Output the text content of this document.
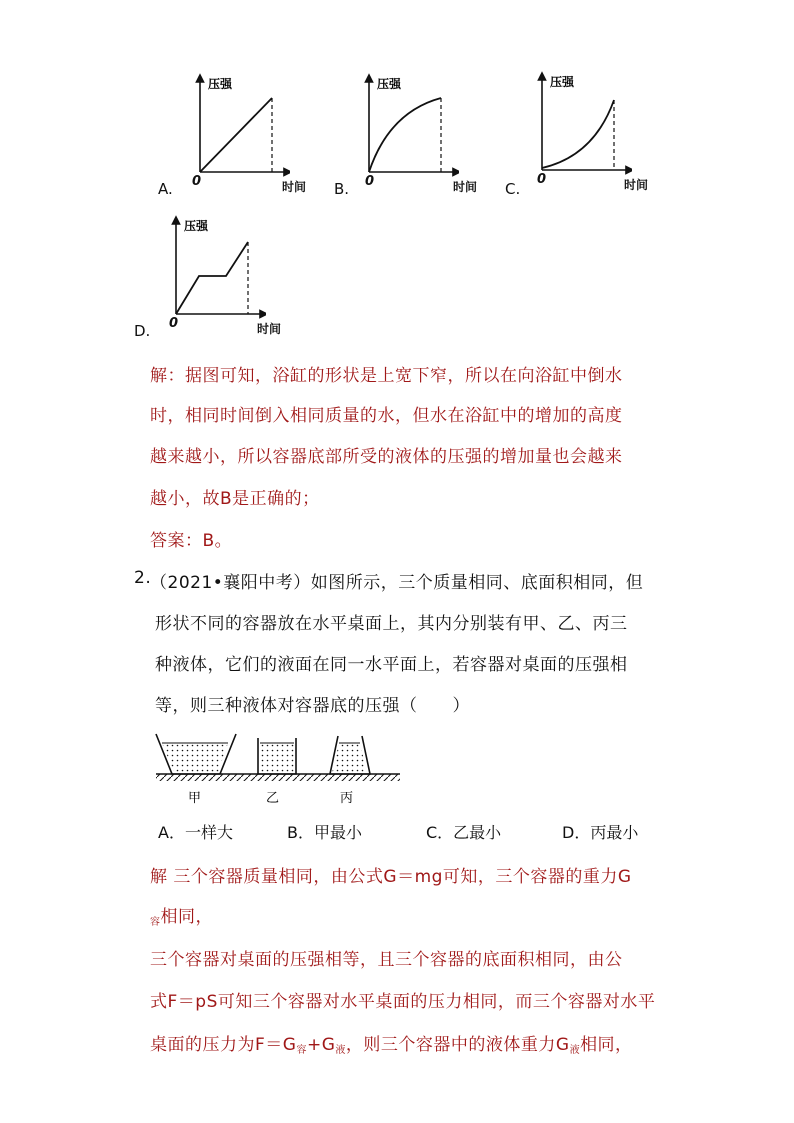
压强
A. 0	时间
压强
B. 0	时间
压强
C.
0	时间
压强
D. 0	时间
解：据图可知，浴缸的形状是上宽下窄，所以在向浴缸中倒水
时，相同时间倒入相同质量的水，但水在浴缸中的增加的高度
越来越小，所以容器底部所受的液体的压强的增加量也会越来
越小，故B是正确的；
答案：B。
2.
（2021•襄阳中考）如图所示，三个质量相同、底面积相同，但
形状不同的容器放在水平桌面上，其内分别装有甲、乙、丙三
种液体，它们的液面在同一水平面上，若容器对桌面的压强相
等，则三种液体对容器底的压强（　　）
甲	乙	丙
A．一样大	B．甲最小	C．乙最小	D．丙最小
解 三个容器质量相同，由公式G＝mg可知，三个容器的重力G
$_容$相同，
三个容器对桌面的压强相等，且三个容器的底面积相同，由公
式F＝pS可知三个容器对水平桌面的压力相同，而三个容器对水平
桌面的压力为$F=G_容+G_液$，则三个容器中的液体重力$G_液$相同，
